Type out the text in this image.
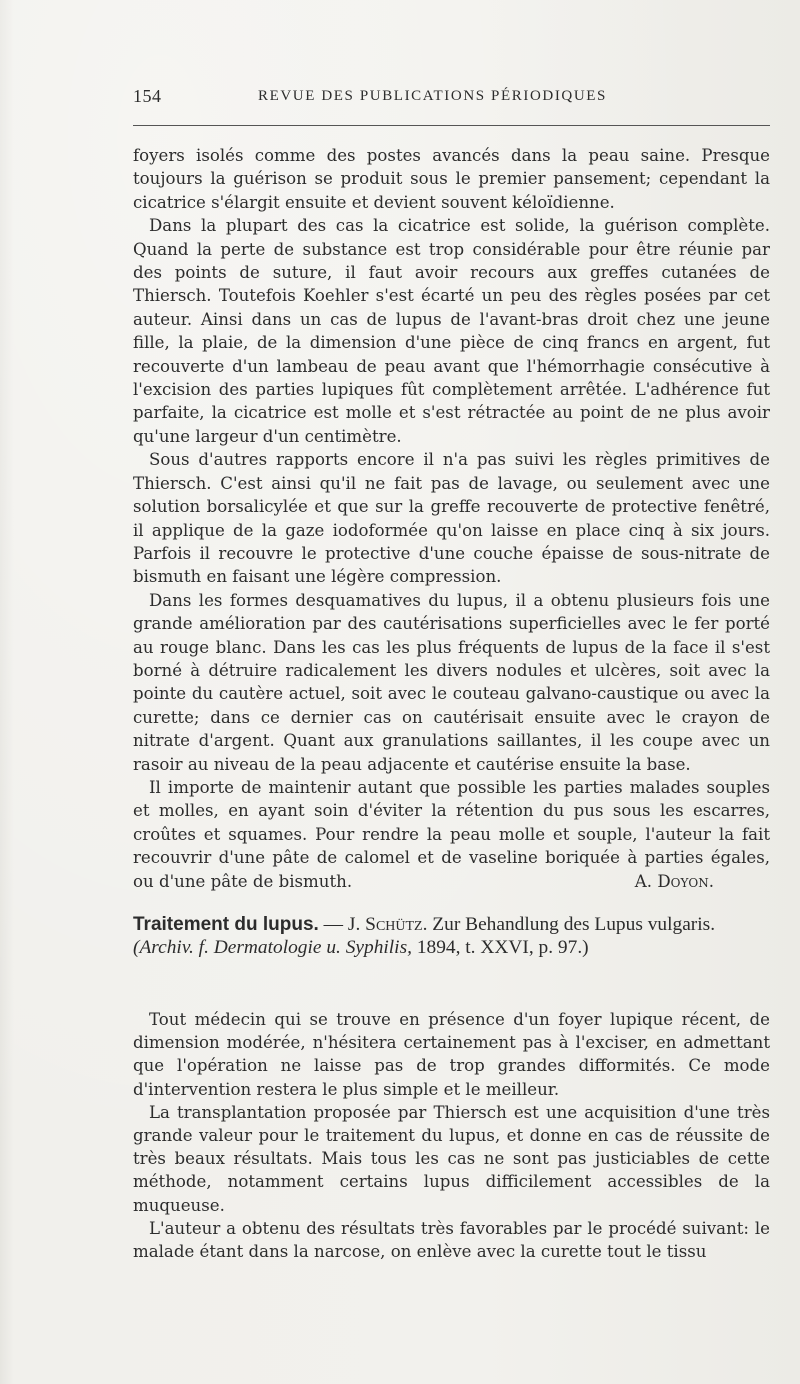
154	REVUE DES PUBLICATIONS PÉRIODIQUES

foyers isolés comme des postes avancés dans la peau saine. Presque toujours la guérison se produit sous le premier pansement; cependant la cicatrice s'élargit ensuite et devient souvent kéloïdienne.

Dans la plupart des cas la cicatrice est solide, la guérison complète. Quand la perte de substance est trop considérable pour être réunie par des points de suture, il faut avoir recours aux greffes cutanées de Thiersch. Toutefois Koehler s'est écarté un peu des règles posées par cet auteur. Ainsi dans un cas de lupus de l'avant-bras droit chez une jeune fille, la plaie, de la dimension d'une pièce de cinq francs en argent, fut recouverte d'un lambeau de peau avant que l'hémorrhagie consécutive à l'excision des parties lupiques fût complètement arrêtée. L'adhérence fut parfaite, la cicatrice est molle et s'est rétractée au point de ne plus avoir qu'une largeur d'un centimètre.

Sous d'autres rapports encore il n'a pas suivi les règles primitives de Thiersch. C'est ainsi qu'il ne fait pas de lavage, ou seulement avec une solution borsalicylée et que sur la greffe recouverte de protective fenêtré, il applique de la gaze iodoformée qu'on laisse en place cinq à six jours. Parfois il recouvre le protective d'une couche épaisse de sous-nitrate de bismuth en faisant une légère compression.

Dans les formes desquamatives du lupus, il a obtenu plusieurs fois une grande amélioration par des cautérisations superficielles avec le fer porté au rouge blanc. Dans les cas les plus fréquents de lupus de la face il s'est borné à détruire radicalement les divers nodules et ulcères, soit avec la pointe du cautère actuel, soit avec le couteau galvano-caustique ou avec la curette; dans ce dernier cas on cautérisait ensuite avec le crayon de nitrate d'argent. Quant aux granulations saillantes, il les coupe avec un rasoir au niveau de la peau adjacente et cautérise ensuite la base.

Il importe de maintenir autant que possible les parties malades souples et molles, en ayant soin d'éviter la rétention du pus sous les escarres, croûtes et squames. Pour rendre la peau molle et souple, l'auteur la fait recouvrir d'une pâte de calomel et de vaseline boriquée à parties égales, ou d'une pâte de bismuth.	A. Doyon.

Traitement du lupus. — J. Schütz. Zur Behandlung des Lupus vulgaris. (Archiv. f. Dermatologie u. Syphilis, 1894, t. XXVI, p. 97.)

Tout médecin qui se trouve en présence d'un foyer lupique récent, de dimension modérée, n'hésitera certainement pas à l'exciser, en admettant que l'opération ne laisse pas de trop grandes difformités. Ce mode d'intervention restera le plus simple et le meilleur.

La transplantation proposée par Thiersch est une acquisition d'une très grande valeur pour le traitement du lupus, et donne en cas de réussite de très beaux résultats. Mais tous les cas ne sont pas justiciables de cette méthode, notamment certains lupus difficilement accessibles de la muqueuse.

L'auteur a obtenu des résultats très favorables par le procédé suivant: le malade étant dans la narcose, on enlève avec la curette tout le tissu
